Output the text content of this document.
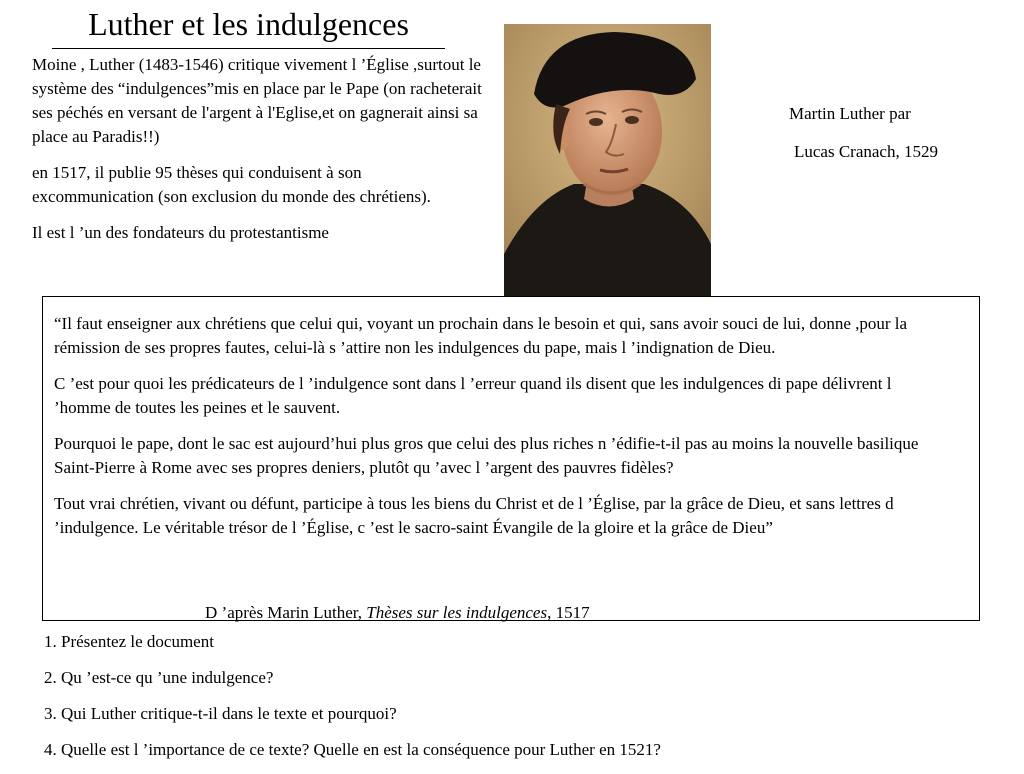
Luther et les indulgences

Moine , Luther (1483-1546) critique vivement l ’Église ,surtout le système des “indulgences”mis en place par le Pape (on racheterait ses péchés en versant de l'argent à l'Eglise,et on gagnerait ainsi sa place au Paradis!!)

en 1517, il publie 95 thèses qui conduisent à son excommunication (son exclusion du monde des chrétiens).

Il est l ’un des fondateurs du protestantisme

Martin Luther par
Lucas Cranach, 1529

“Il faut enseigner aux chrétiens que celui qui, voyant un prochain dans le besoin et qui, sans avoir souci de lui, donne ,pour la rémission de ses propres fautes, celui-là s ’attire non les indulgences du pape, mais l ’indignation de Dieu.

C ’est pour quoi les prédicateurs de l ’indulgence sont dans l ’erreur quand ils disent que les indulgences di pape délivrent l ’homme de toutes les peines et le sauvent.

Pourquoi le pape, dont le sac est aujourd’hui plus gros que celui des plus riches n ’édifie-t-il pas au moins la nouvelle basilique Saint-Pierre à Rome avec ses propres deniers, plutôt qu ’avec l ’argent des pauvres fidèles?

Tout vrai chrétien, vivant ou défunt, participe à tous les biens du Christ et de l ’Église, par la grâce de Dieu, et sans lettres d ’indulgence. Le véritable trésor de l ’Église, c ’est le sacro-saint Évangile de la gloire et la grâce de Dieu”

D ’après Marin Luther, Thèses sur les indulgences, 1517
1. Présentez le document
2. Qu ’est-ce qu ’une indulgence?
3. Qui Luther critique-t-il dans le texte et pourquoi?
4. Quelle est l ’importance de ce texte? Quelle en est la conséquence pour Luther en 1521?
